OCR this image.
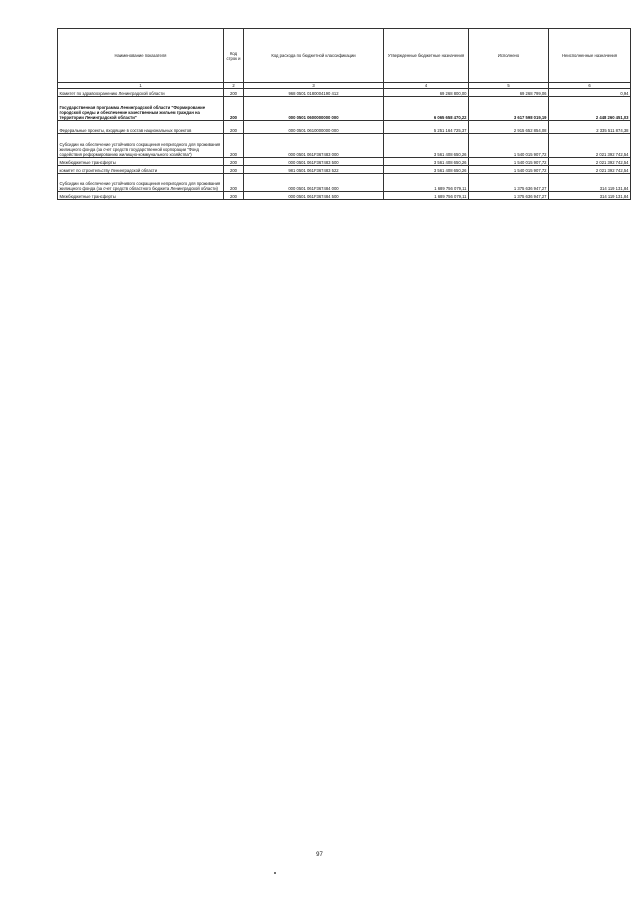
Наименование показателя	Код строк и	Код расхода по бюджетной классификации	Утвержденные бюджетные назначения	Исполнено	Неисполненные назначения
1	2	3	4	5	6
Комитет по здравоохранению Ленинградской области	200	968 0501 0180004190 412	69 268 800,00	69 268 799,06	0,94
Государственная программа Ленинградской области "Формирование городской среды и обеспечение качественным жильем граждан на территории Ленинградской области"	200	000 0501 0600000000 000	6 065 658 470,22	3 617 598 019,19	2 448 260 451,03
Федеральные проекты, входящие в состав национальных проектов	200	000 0501 0610000000 000	5 251 164 725,37	2 915 652 854,08	2 335 511 874,38
Субсидии на обеспечение устойчивого сокращения непригодного для проживания жилищного фонда (за счет средств государственной корпорации "Фонд содействия реформированию жилищно-коммунального хозяйства")	200	000 0501 061F367483 000	3 561 408 650,26	1 540 015 907,72	2 021 392 742,54
Межбюджетные трансферты	200	000 0501 061F367483 500	3 561 408 650,26	1 540 015 907,72	2 021 392 742,54
комитет по строительству Ленинградской области	200	981 0501 061F367483 522	3 561 408 650,26	1 540 015 907,72	2 021 392 742,54
Субсидии на обеспечение устойчивого сокращения непригодного для проживания жилищного фонда (за счет средств областного бюджета Ленинградской области)	200	000 0501 061F367484 000	1 689 756 079,11	1 375 636 947,27	314 119 131,84
Межбюджетные трансферты	200	000 0501 061F367484 500	1 689 756 079,11	1 375 636 947,27	314 119 131,84
97
